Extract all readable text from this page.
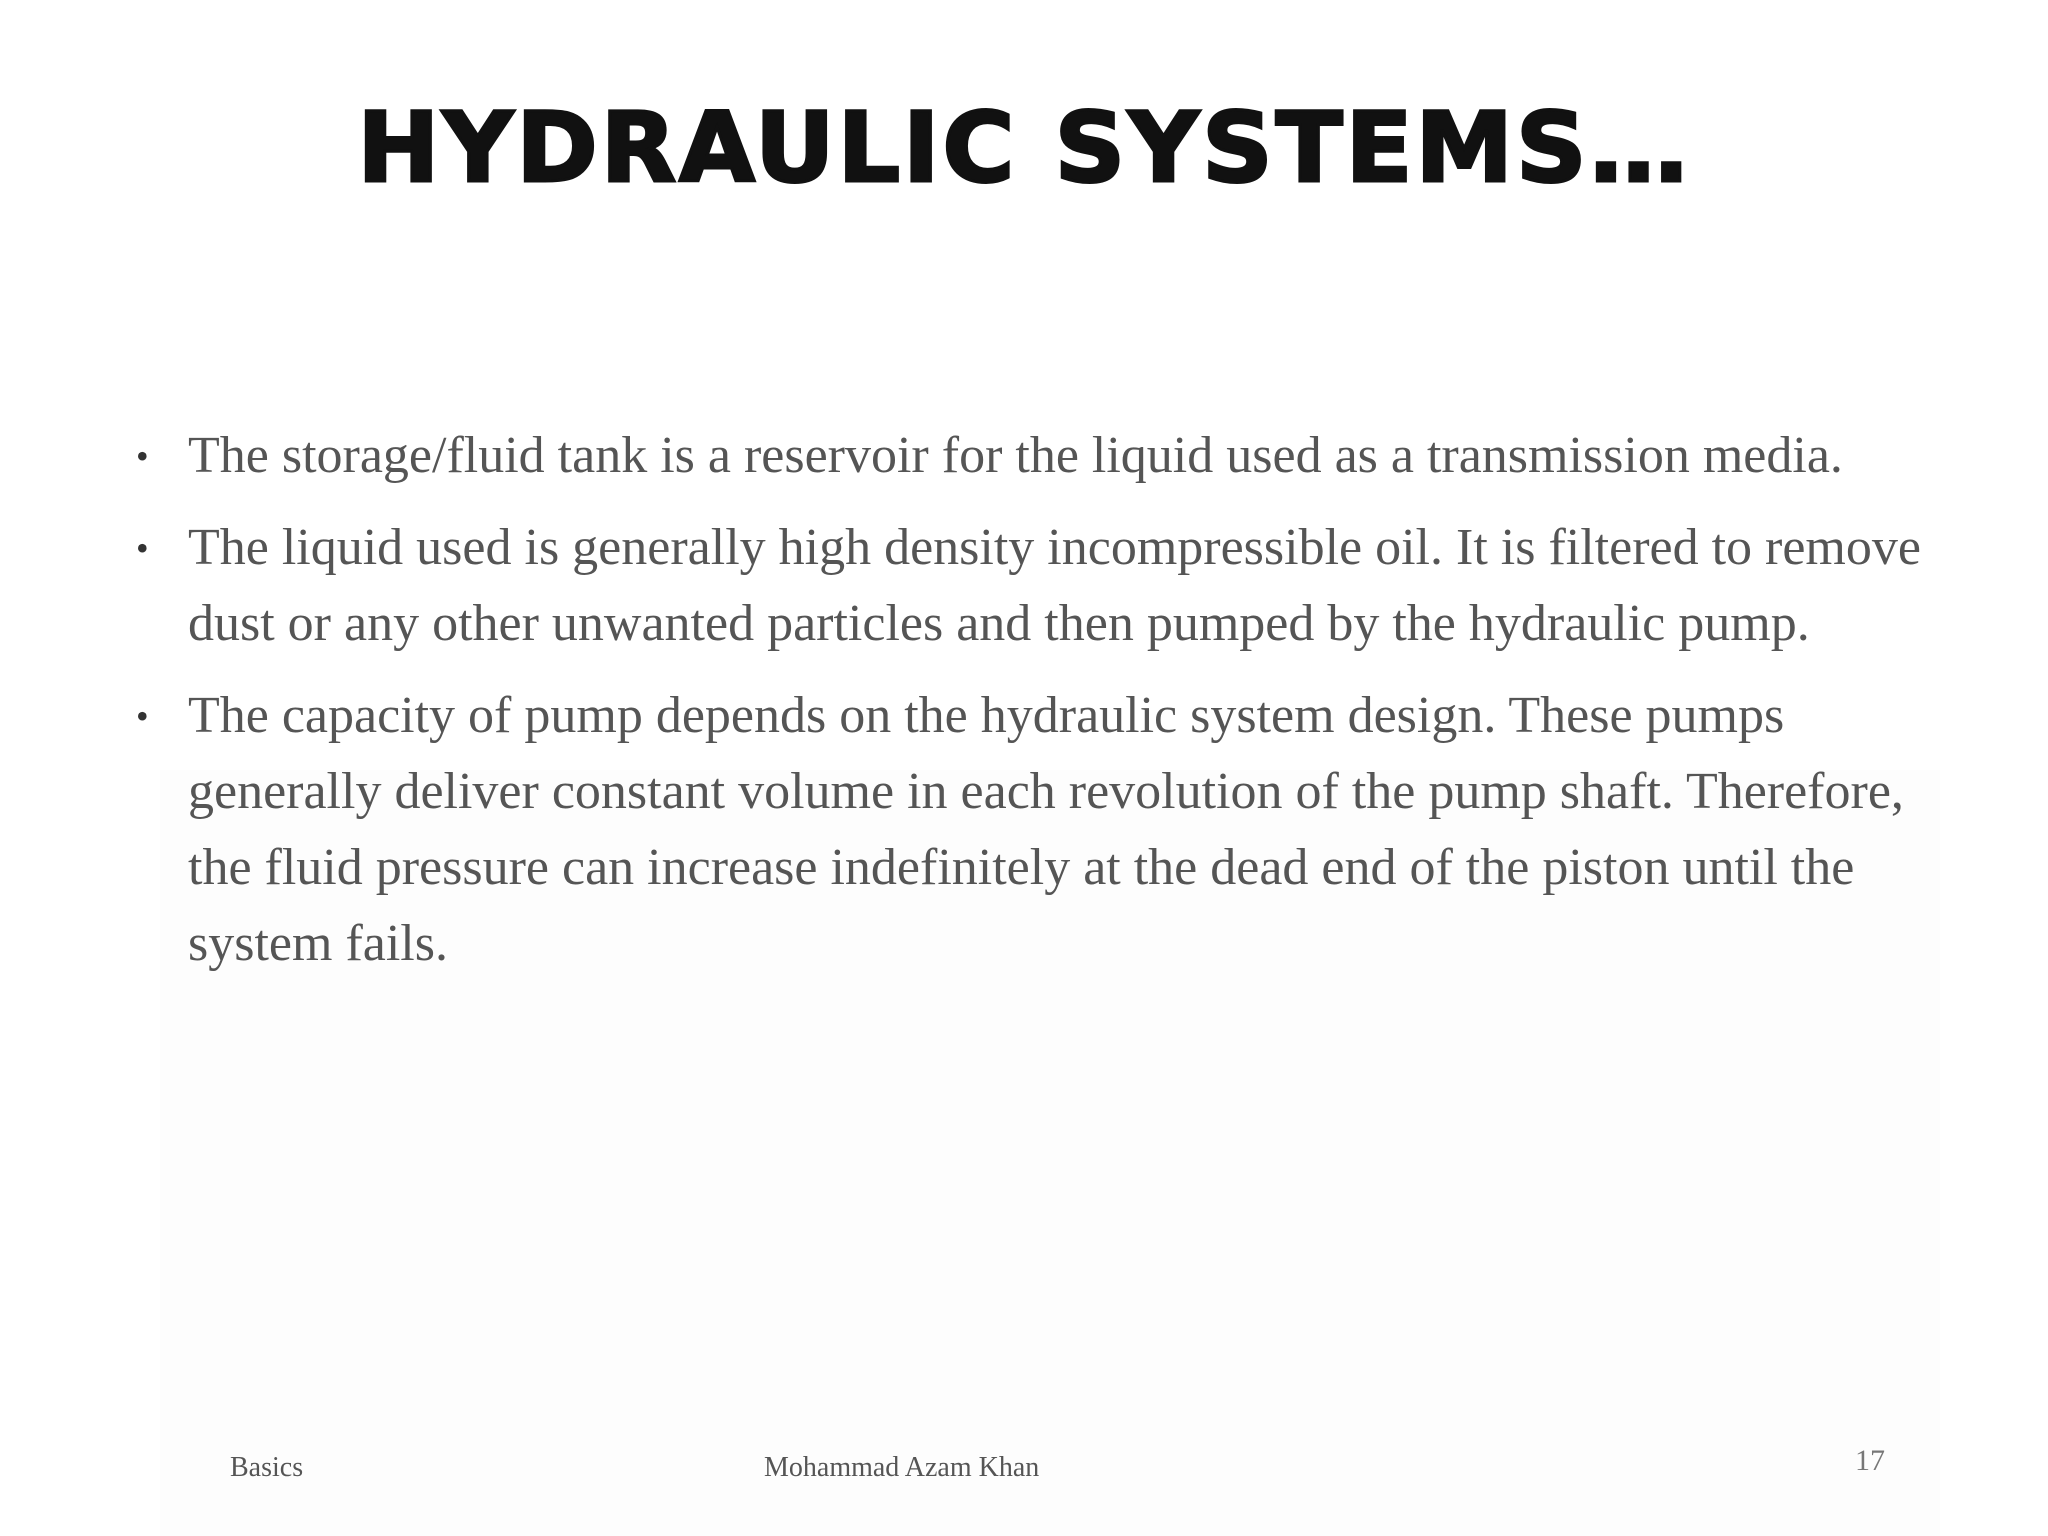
HYDRAULIC SYSTEMS…
• The storage/fluid tank is a reservoir for the liquid used as a transmission media.
• The liquid used is generally high density incompressible oil. It is filtered to remove dust or any other unwanted particles and then pumped by the hydraulic pump.
• The capacity of pump depends on the hydraulic system design. These pumps generally deliver constant volume in each revolution of the pump shaft. Therefore, the fluid pressure can increase indefinitely at the dead end of the piston until the system fails.
Basics	Mohammad Azam Khan	17
